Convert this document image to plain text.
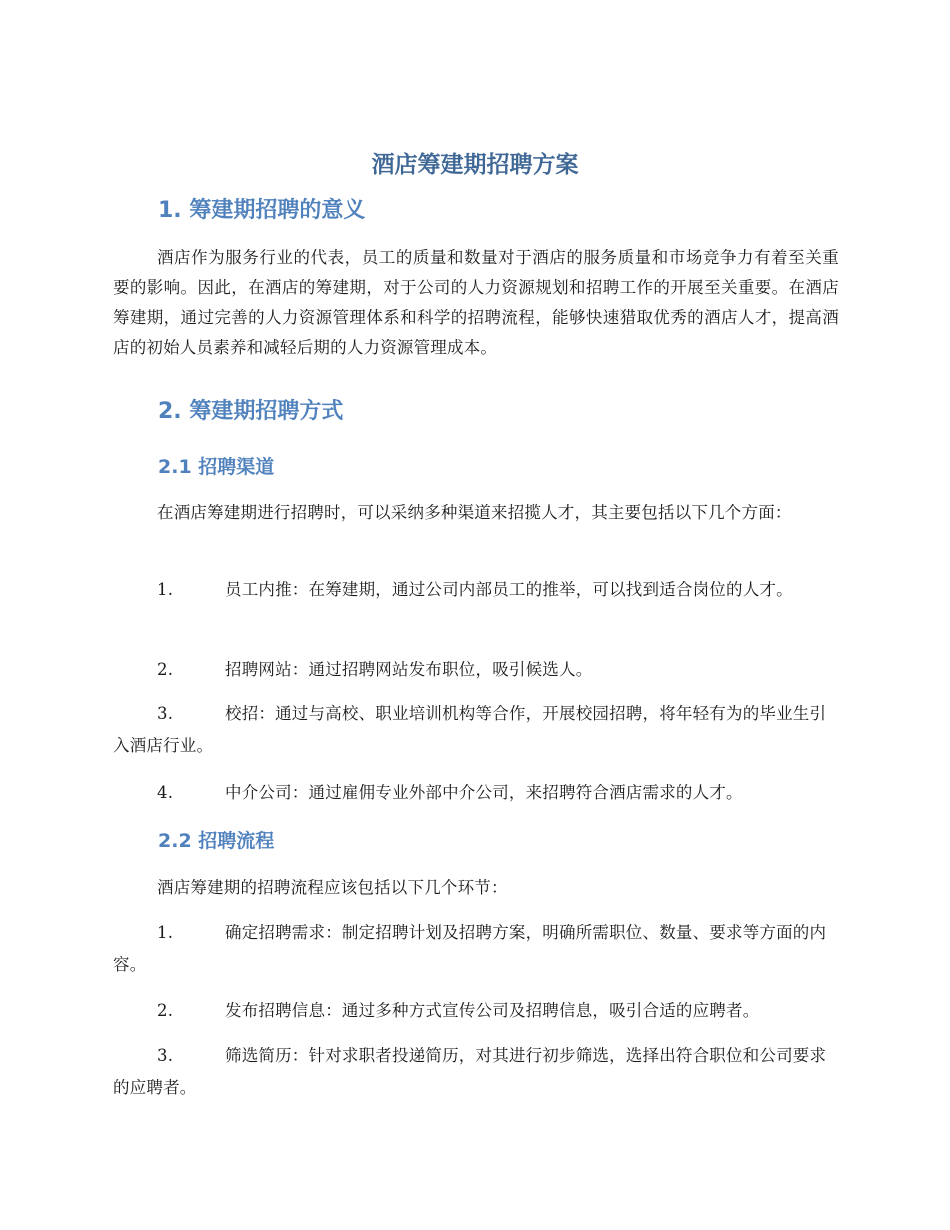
酒店筹建期招聘方案
1. 筹建期招聘的意义

酒店作为服务行业的代表，员工的质量和数量对于酒店的服务质量和市场竞争力有着至关重要的影响。因此，在酒店的筹建期，对于公司的人力资源规划和招聘工作的开展至关重要。在酒店筹建期，通过完善的人力资源管理体系和科学的招聘流程，能够快速猎取优秀的酒店人才，提高酒店的初始人员素养和减轻后期的人力资源管理成本。

2. 筹建期招聘方式
2.1 招聘渠道

在酒店筹建期进行招聘时，可以采纳多种渠道来招揽人才，其主要包括以下几个方面：

1.	员工内推：在筹建期，通过公司内部员工的推举，可以找到适合岗位的人才。

2.	招聘网站：通过招聘网站发布职位，吸引候选人。

3.	校招：通过与高校、职业培训机构等合作，开展校园招聘，将年轻有为的毕业生引入酒店行业。

4.	中介公司：通过雇佣专业外部中介公司，来招聘符合酒店需求的人才。

2.2 招聘流程

酒店筹建期的招聘流程应该包括以下几个环节：

1.	确定招聘需求：制定招聘计划及招聘方案，明确所需职位、数量、要求等方面的内容。

2.	发布招聘信息：通过多种方式宣传公司及招聘信息，吸引合适的应聘者。

3.	筛选简历：针对求职者投递简历，对其进行初步筛选，选择出符合职位和公司要求的应聘者。
